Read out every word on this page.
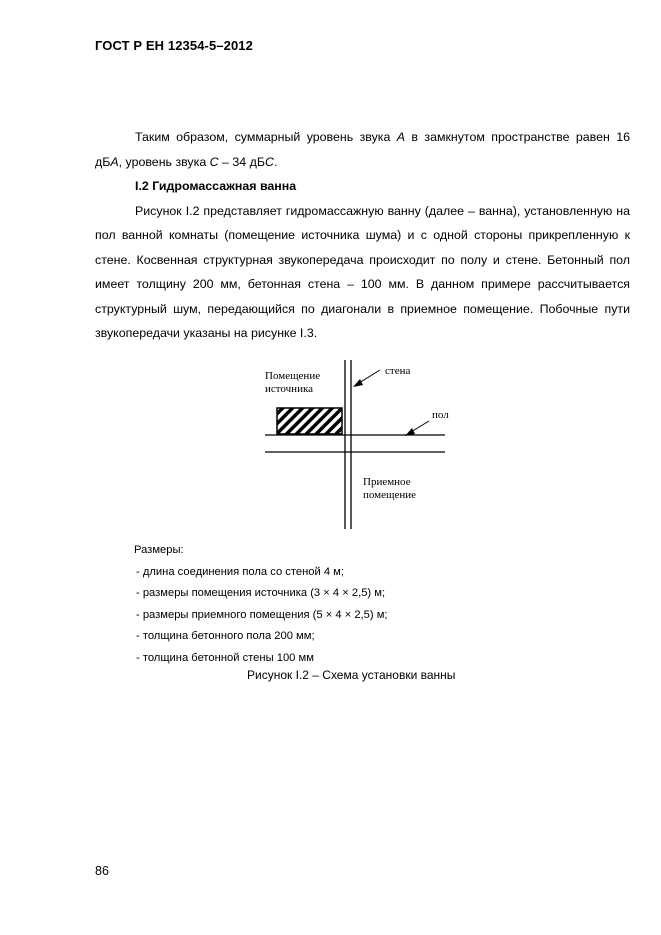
ГОСТ Р ЕН 12354-5–2012

Таким образом, суммарный уровень звука A в замкнутом пространстве равен 16 дБА, уровень звука С – 34 дБС.

I.2 Гидромассажная ванна

Рисунок I.2 представляет гидромассажную ванну (далее – ванна), установленную на пол ванной комнаты (помещение источника шума) и с одной стороны прикрепленную к стене. Косвенная структурная звукопередача происходит по полу и стене. Бетонный пол имеет толщину 200 мм, бетонная стена – 100 мм. В данном примере рассчитывается структурный шум, передающийся по диагонали в приемное помещение. Побочные пути звукопередачи указаны на рисунке I.3.

Помещение
источника
стена
пол
Приемное
помещение
Размеры:
- длина соединения пола со стеной 4 м;
- размеры помещения источника (3 × 4 × 2,5) м;
- размеры приемного помещения (5 × 4 × 2,5) м;
- толщина бетонного пола 200 мм;
- толщина бетонной стены 100 мм
Рисунок I.2 – Схема установки ванны
86
